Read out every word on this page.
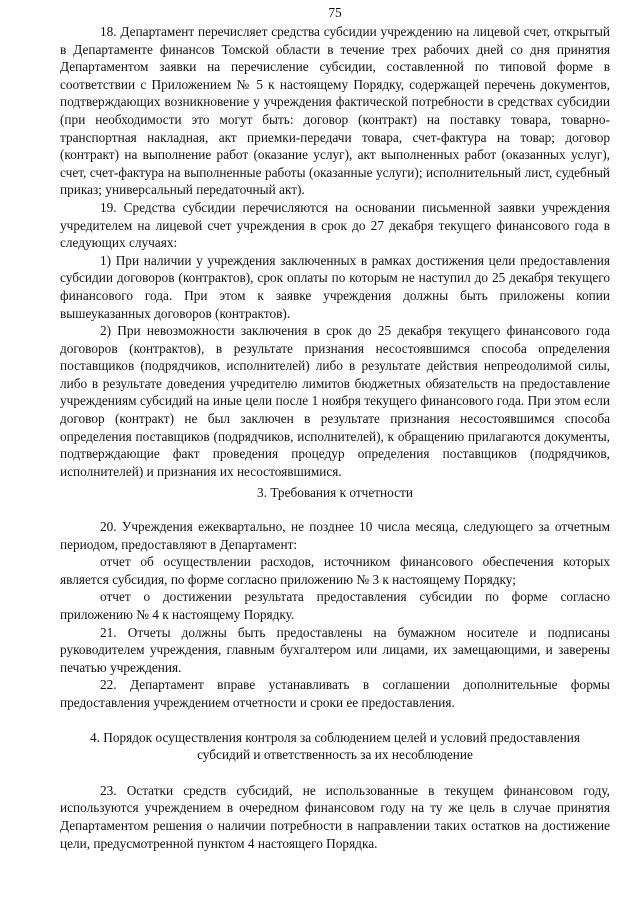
75

18. Департамент перечисляет средства субсидии учреждению на лицевой счет, открытый в Департаменте финансов Томской области в течение трех рабочих дней со дня принятия Департаментом заявки на перечисление субсидии, составленной по типовой форме в соответствии с Приложением № 5 к настоящему Порядку, содержащей перечень документов, подтверждающих возникновение у учреждения фактической потребности в средствах субсидии (при необходимости это могут быть: договор (контракт) на поставку товара, товарно-транспортная накладная, акт приемки-передачи товара, счет-фактура на товар; договор (контракт) на выполнение работ (оказание услуг), акт выполненных работ (оказанных услуг), счет, счет-фактура на выполненные работы (оказанные услуги); исполнительный лист, судебный приказ; универсальный передаточный акт).

19. Средства субсидии перечисляются на основании письменной заявки учреждения учредителем на лицевой счет учреждения в срок до 27 декабря текущего финансового года в следующих случаях:

1) При наличии у учреждения заключенных в рамках достижения цели предоставления субсидии договоров (контрактов), срок оплаты по которым не наступил до 25 декабря текущего финансового года. При этом к заявке учреждения должны быть приложены копии вышеуказанных договоров (контрактов).

2) При невозможности заключения в срок до 25 декабря текущего финансового года договоров (контрактов), в результате признания несостоявшимся способа определения поставщиков (подрядчиков, исполнителей) либо в результате действия непреодолимой силы, либо в результате доведения учредителю лимитов бюджетных обязательств на предоставление учреждениям субсидий на иные цели после 1 ноября текущего финансового года. При этом если договор (контракт) не был заключен в результате признания несостоявшимся способа определения поставщиков (подрядчиков, исполнителей), к обращению прилагаются документы, подтверждающие факт проведения процедур определения поставщиков (подрядчиков, исполнителей) и признания их несостоявшимися.

3. Требования к отчетности

20. Учреждения ежеквартально, не позднее 10 числа месяца, следующего за отчетным периодом, предоставляют в Департамент:

отчет об осуществлении расходов, источником финансового обеспечения которых является субсидия, по форме согласно приложению № 3 к настоящему Порядку;

отчет о достижении результата предоставления субсидии по форме согласно приложению № 4 к настоящему Порядку.

21. Отчеты должны быть предоставлены на бумажном носителе и подписаны руководителем учреждения, главным бухгалтером или лицами, их замещающими, и заверены печатью учреждения.

22. Департамент вправе устанавливать в соглашении дополнительные формы предоставления учреждением отчетности и сроки ее предоставления.

4. Порядок осуществления контроля за соблюдением целей и условий предоставления
субсидий и ответственность за их несоблюдение

23. Остатки средств субсидий, не использованные в текущем финансовом году, используются учреждением в очередном финансовом году на ту же цель в случае принятия Департаментом решения о наличии потребности в направлении таких остатков на достижение цели, предусмотренной пунктом 4 настоящего Порядка.
